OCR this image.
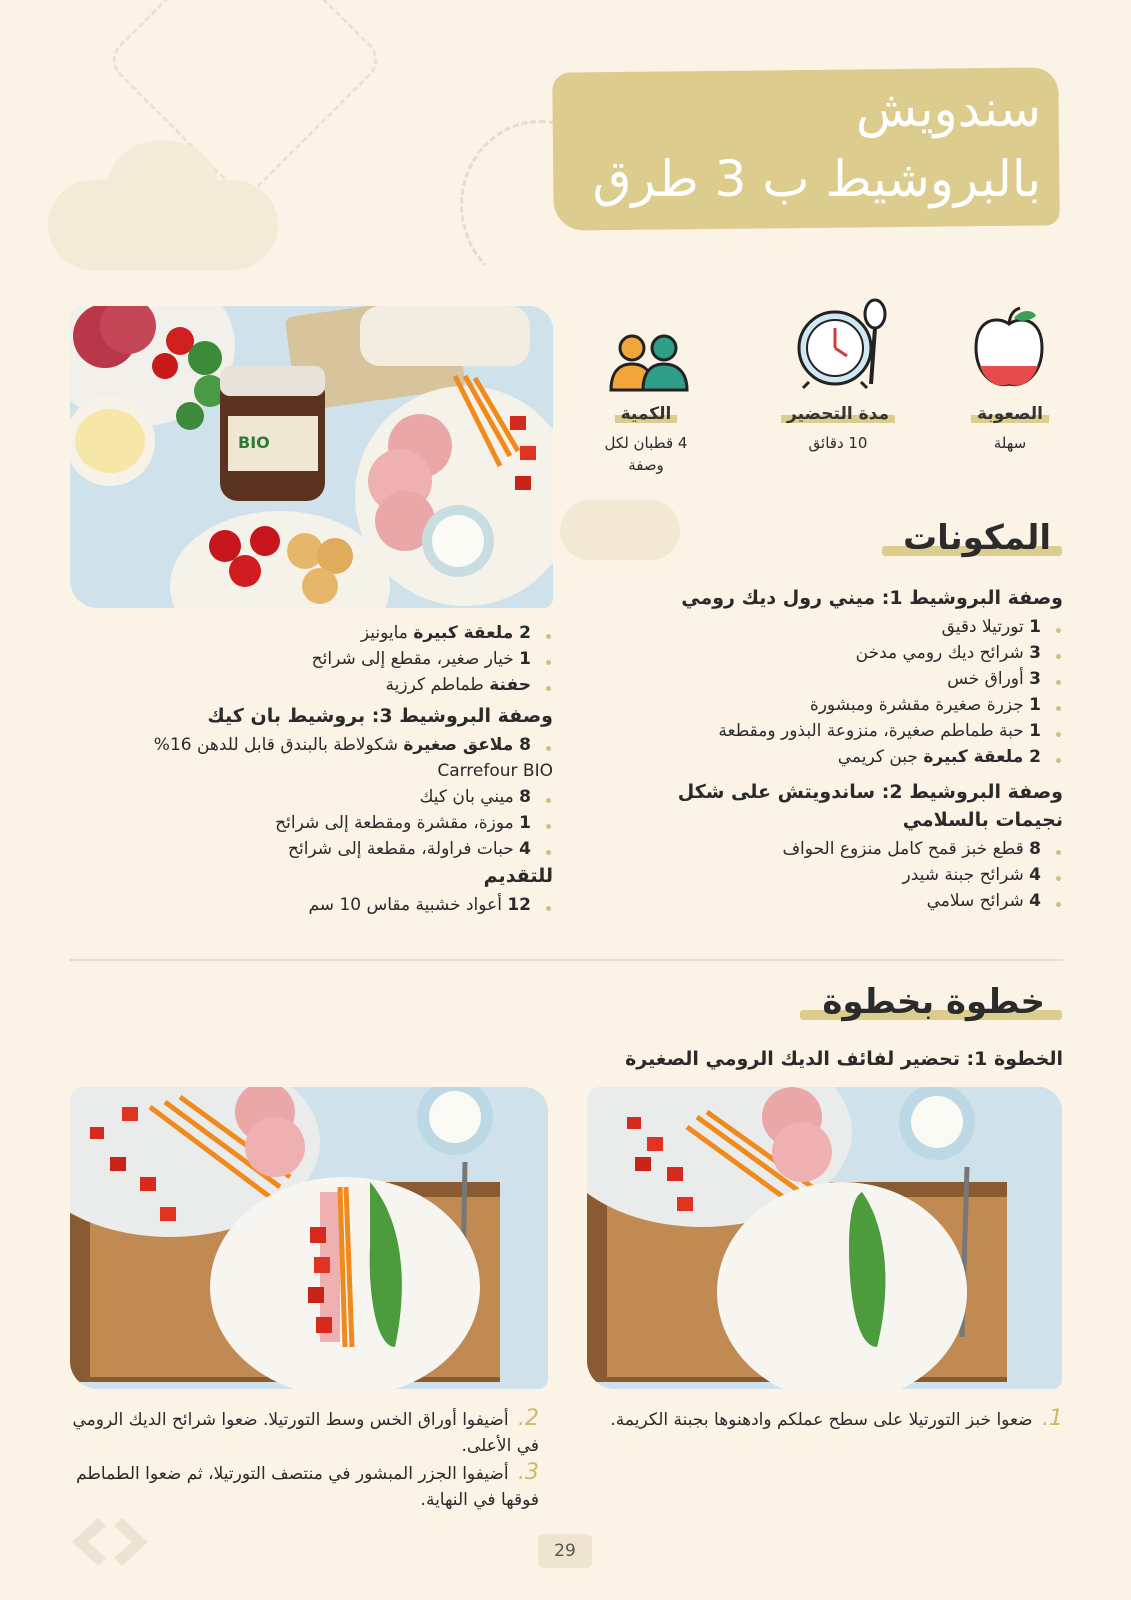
سندويش
بالبروشيط ب 3 طرق
BIO
الصعوبة
سهلة
مدة التحضير
10 دقائق
الكمية
4 قطبان لكل وصفة
المكونات
وصفة البروشيط 1: ميني رول ديك رومي
1 تورتيلا دقيق
3 شرائح ديك رومي مدخن
3 أوراق خس
1 جزرة صغيرة مقشرة ومبشورة
1 حبة طماطم صغيرة، منزوعة البذور ومقطعة
2 ملعقة كبيرة جبن كريمي
وصفة البروشيط 2: ساندويتش على شكل نجيمات بالسلامي
8 قطع خبز قمح كامل منزوع الحواف
4 شرائح جبنة شيدر
4 شرائح سلامي
2 ملعقة كبيرة مايونيز
1 خيار صغير، مقطع إلى شرائح
حفنة طماطم كرزية
وصفة البروشيط 3: بروشيط بان كيك
8 ملاعق صغيرة شكولاطة بالبندق قابل للدهن 16%
Carrefour BIO
8 ميني بان كيك
1 موزة، مقشرة ومقطعة إلى شرائح
4 حبات فراولة، مقطعة إلى شرائح
للتقديم
12 أعواد خشبية مقاس 10 سم
خطوة بخطوة
الخطوة 1: تحضير لفائف الديك الرومي الصغيرة
1. ضعوا خبز التورتيلا على سطح عملكم وادهنوها بجبنة الكريمة.
2. أضيفوا أوراق الخس وسط التورتيلا. ضعوا شرائح الديك الرومي في الأعلى.
3. أضيفوا الجزر المبشور في منتصف التورتيلا، ثم ضعوا الطماطم فوقها في النهاية.
29
